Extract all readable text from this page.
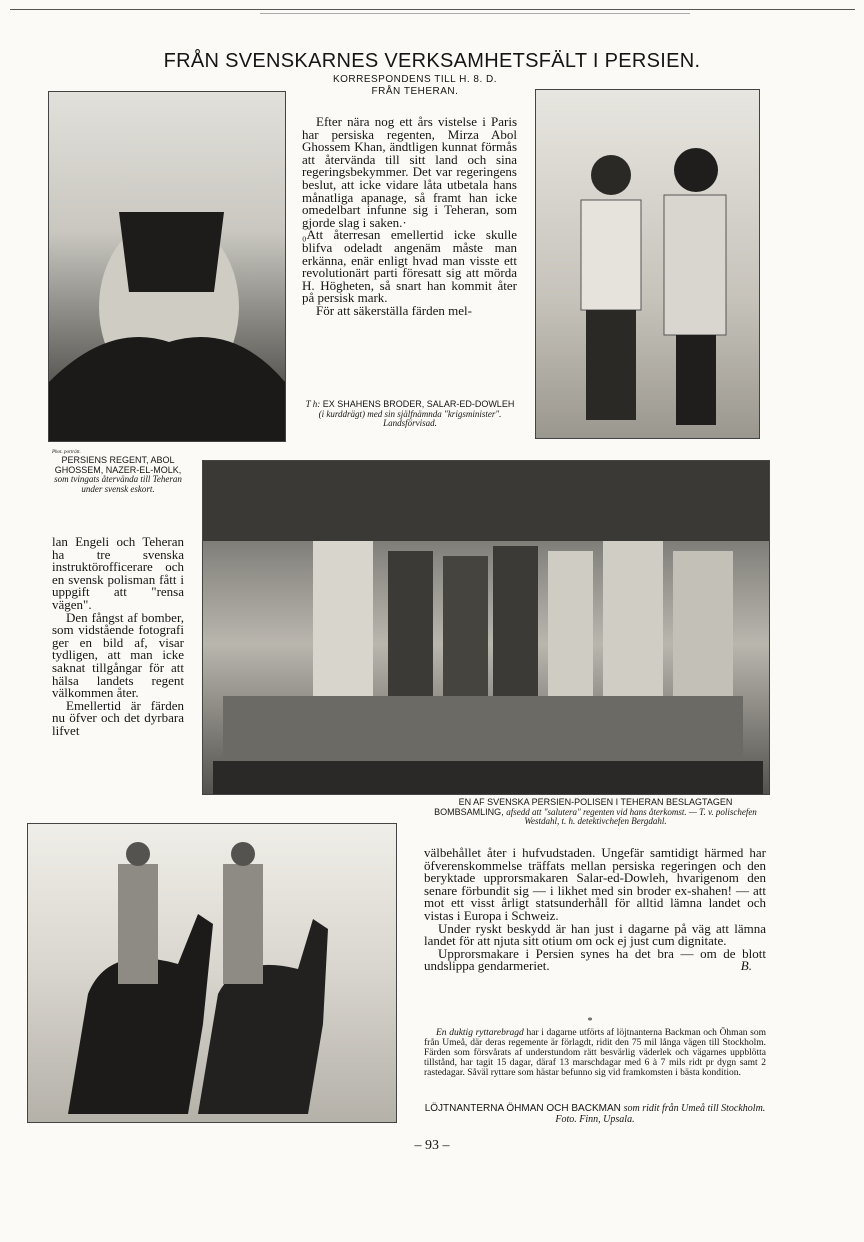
FRÅN SVENSKARNES VERKSAMHETSFÄLT I PERSIEN.
KORRESPONDENS TILL H. 8. D.
FRÅN TEHERAN.

Efter nära nog ett års vistelse i Paris har persiska regenten, Mirza Abol Ghossem Khan, ändtligen kunnat förmås att återvända till sitt land och sina regeringsbekymmer. Det var regeringens beslut, att icke vidare låta utbetala hans månatliga apanage, så framt han icke omedelbart infunne sig i Teheran, som gjorde slag i saken.·

₀Att återresan emellertid icke skulle blifva odeladt angenäm måste man erkänna, enär enligt hvad man visste ett revolutionärt parti föresatt sig att mörda H. Högheten, så snart han kommit åter på persisk mark.

För att säkerställa färden mel-

T h: EX SHAHENS BRODER, SALAR-ED-DOWLEH (i kurddrägt) med sin själfnämnda "krigsminister". Landsförvisad.
Phot. porträtt.
PERSIENS REGENT, ABOL GHOSSEM, NAZER-EL-MOLK, som tvingats återvända till Teheran under svensk eskort.

lan Engeli och Teheran ha tre svenska instruktörofficerare och en svensk polisman fått i uppgift att "rensa vägen".

Den fångst af bomber, som vidstående fotografi ger en bild af, visar tydligen, att man icke saknat tillgångar för att hälsa landets regent välkommen åter.

Emellertid är färden nu öfver och det dyrbara lifvet

EN AF SVENSKA PERSIEN-POLISEN I TEHERAN BESLAGTAGEN BOMBSAMLING, afsedd att "salutera" regenten vid hans återkomst. — T. v. polischefen Westdahl, t. h. detektivchefen Bergdahl.

välbehållet åter i hufvudstaden. Ungefär samtidigt härmed har öfverenskommelse träffats mellan persiska regeringen och den beryktade upprorsmakaren Salar-ed-Dowleh, hvarigenom den senare förbundit sig — i likhet med sin broder ex-shahen! — att mot ett visst årligt statsunderhåll för alltid lämna landet och vistas i Europa i Schweiz.

Under ryskt beskydd är han just i dagarne på väg att lämna landet för att njuta sitt otium om ock ej just cum dignitate.

Upprorsmakare i Persien synes ha det bra — om de blott undslippa gendarmeriet.	B.

*
En duktig ryttarebragd har i dagarne utförts af löjtnanterna Backman och Öhman som från Umeå, där deras regemente är förlagdt, ridit den 75 mil långa vägen till Stockholm. Färden som försvårats af understundom rätt besvärlig väderlek och vägarnes uppblötta tillstånd, har tagit 15 dagar, däraf 13 marschdagar med 6 à 7 mils ridt pr dygn samt 2 rastedagar. Såväl ryttare som hästar befunno sig vid framkomsten i bästa kondition.
LÖJTNANTERNA ÖHMAN OCH BACKMAN som ridit från Umeå till Stockholm. Foto. Finn, Upsala.
– 93 –
